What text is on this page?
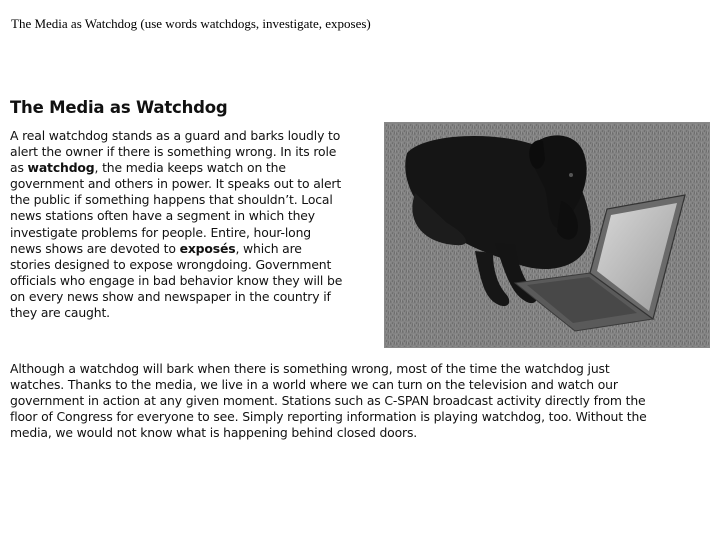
The Media as Watchdog (use words watchdogs, investigate, exposes)
The Media as Watchdog
A real watchdog stands as a guard and barks loudly to
alert the owner if there is something wrong. In its role
as watchdog, the media keeps watch on the
government and others in power. It speaks out to alert
the public if something happens that shouldn’t. Local
news stations often have a segment in which they
investigate problems for people. Entire, hour-long
news shows are devoted to exposés, which are
stories designed to expose wrongdoing. Government
officials who engage in bad behavior know they will be
on every news show and newspaper in the country if
they are caught.
Although a watchdog will bark when there is something wrong, most of the time the watchdog just
watches. Thanks to the media, we live in a world where we can turn on the television and watch our
government in action at any given moment. Stations such as C-SPAN broadcast activity directly from the
floor of Congress for everyone to see. Simply reporting information is playing watchdog, too. Without the
media, we would not know what is happening behind closed doors.
